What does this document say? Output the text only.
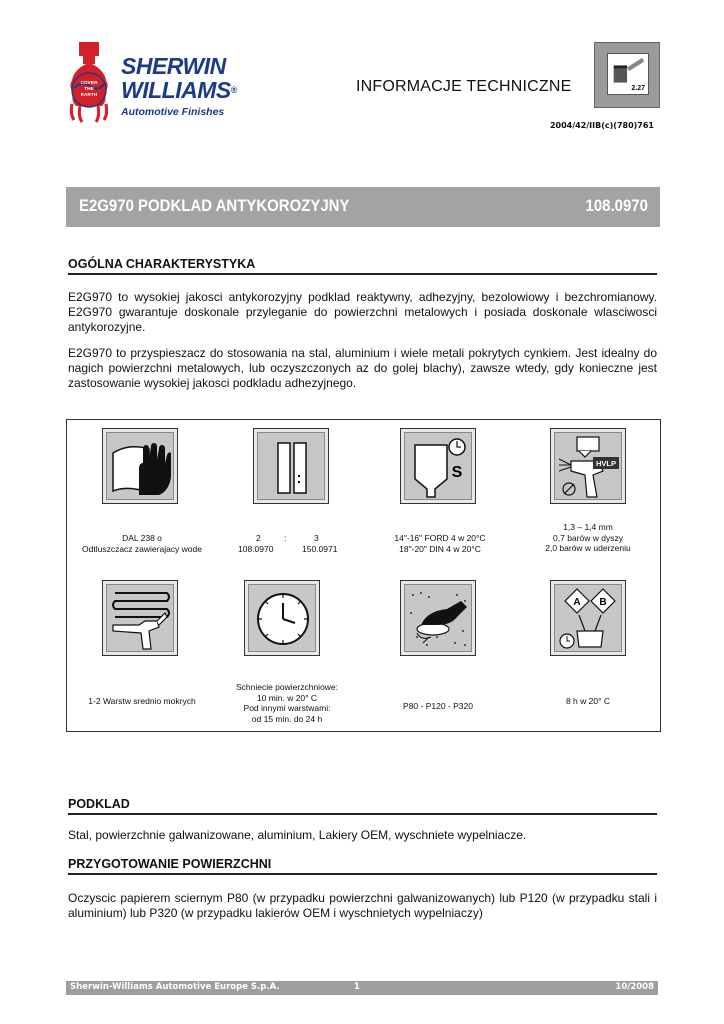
COVER
THE
EARTH
SHERWIN
WILLIAMS®
Automotive Finishes
INFORMACJE TECHNICZNE	2.27
2004/42/IIB(c)(780)761
E2G970 PODKLAD ANTYKOROZYJNY	108.0970
OGÓLNA CHARAKTERYSTYKA
E2G970 to wysokiej jakosci antykorozyjny podklad reaktywny, adhezyjny, bezolowiowy i bezchromianowy. E2G970 gwarantuje doskonale przyleganie do powierzchni metalowych i posiada doskonale wlasciwosci antykorozyjne.
E2G970 to przyspieszacz do stosowania na stal, aluminium i wiele metali pokrytych cynkiem. Jest idealny do nagich powierzchni metalowych, lub oczyszczonych az do golej blachy), zawsze wtedy, gdy konieczne jest zastosowanie wysokiej jakosci podkladu adhezyjnego.
S
HVLP
DAL 238 o
Odtluszczacz zawierajacy wode
2	:	3
108.0970	150.0971
14"-16" FORD 4 w 20°C
18"-20" DIN 4 w 20°C
1,3 – 1,4 mm
0,7 barów w dyszy
2,0 barów w uderzeniu
A B
1-2 Warstw srednio mokrych
Schniecie powierzchniowe:
10 min. w 20° C
Pod innymi warstwami:
od 15 min. do 24 h
P80 - P120 - P320	8 h w 20° C
PODKLAD
Stal, powierzchnie galwanizowane, aluminium, Lakiery OEM, wyschniete wypelniacze.
PRZYGOTOWANIE POWIERZCHNI
Oczyscic papierem sciernym P80 (w przypadku powierzchni galwanizowanych) lub P120 (w przypadku stali i aluminium) lub P320 (w przypadku lakierów OEM i wyschnietych wypelniaczy)
Sherwin-Williams Automotive Europe S.p.A.	1	10/2008
